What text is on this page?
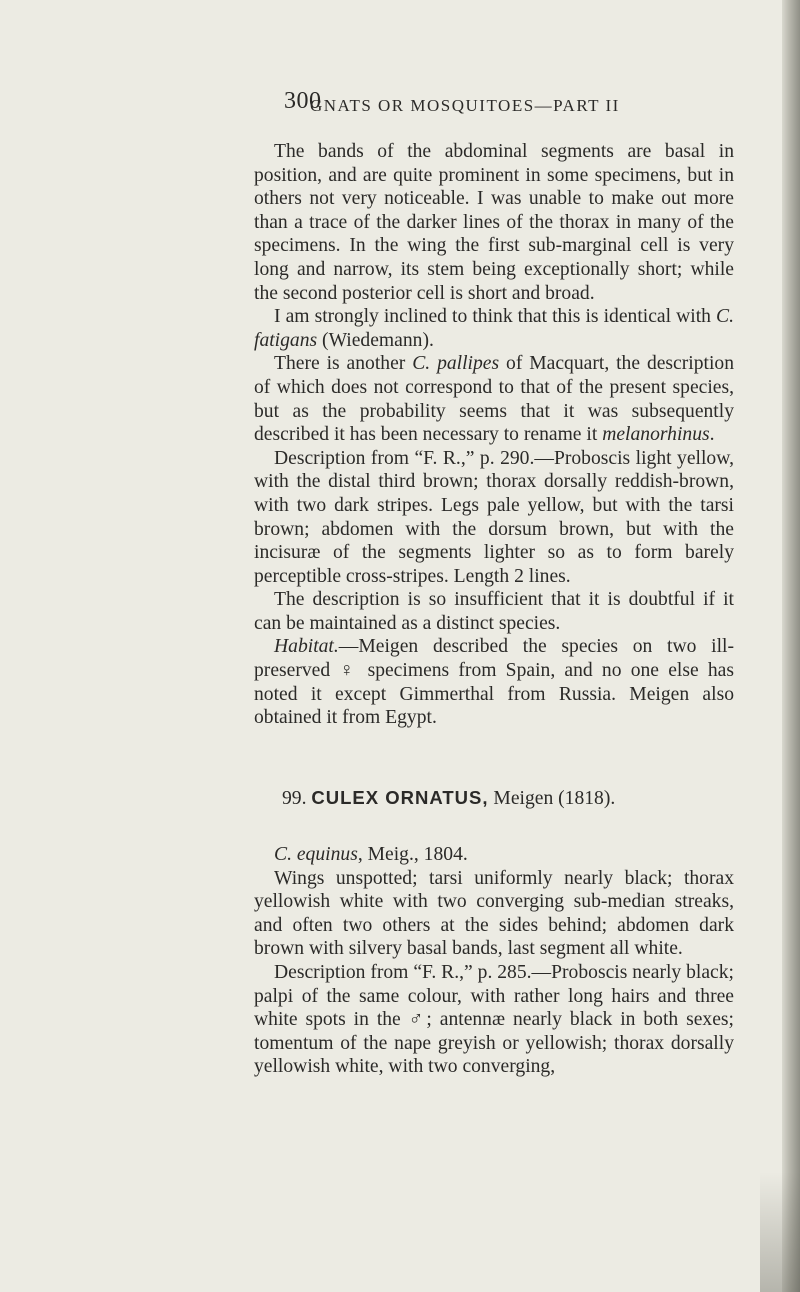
300
GNATS OR MOSQUITOES—PART II

The bands of the abdominal segments are basal in position, and are quite prominent in some specimens, but in others not very noticeable. I was unable to make out more than a trace of the darker lines of the thorax in many of the specimens. In the wing the first sub-marginal cell is very long and narrow, its stem being exceptionally short; while the second posterior cell is short and broad.

I am strongly inclined to think that this is identical with C. fatigans (Wiedemann).

There is another C. pallipes of Macquart, the description of which does not correspond to that of the present species, but as the probability seems that it was subsequently described it has been necessary to rename it melanorhinus.

Description from “F. R.,” p. 290.—Proboscis light yellow, with the distal third brown; thorax dorsally reddish-brown, with two dark stripes. Legs pale yellow, but with the tarsi brown; abdomen with the dorsum brown, but with the incisuræ of the segments lighter so as to form barely perceptible cross-stripes. Length 2 lines.

The description is so insufficient that it is doubtful if it can be maintained as a distinct species.

Habitat.—Meigen described the species on two ill-preserved ♀ specimens from Spain, and no one else has noted it except Gimmerthal from Russia. Meigen also obtained it from Egypt.

99. CULEX ORNATUS, Meigen (1818).

C. equinus, Meig., 1804.

Wings unspotted; tarsi uniformly nearly black; thorax yellowish white with two converging sub-median streaks, and often two others at the sides behind; abdomen dark brown with silvery basal bands, last segment all white.

Description from “F. R.,” p. 285.—Proboscis nearly black; palpi of the same colour, with rather long hairs and three white spots in the ♂; antennæ nearly black in both sexes; tomentum of the nape greyish or yellowish; thorax dorsally yellowish white, with two converging,
